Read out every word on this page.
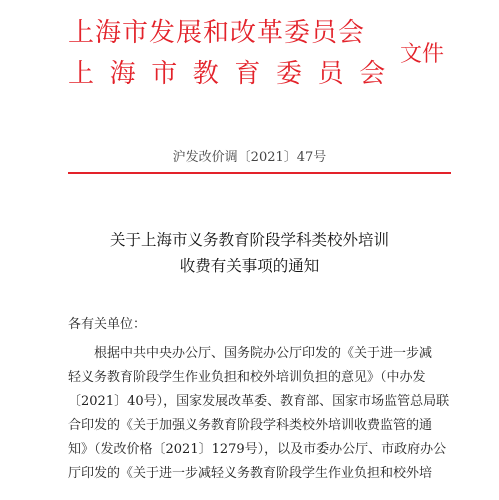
上海市发展和改革委员会
上海市教育委员会
文件
沪发改价调〔2021〕47号
关于上海市义务教育阶段学科类校外培训
收费有关事项的通知
各有关单位：
根据中共中央办公厅、国务院办公厅印发的《关于进一步减
轻义务教育阶段学生作业负担和校外培训负担的意见》（中办发
〔2021〕40号），国家发展改革委、教育部、国家市场监管总局联
合印发的《关于加强义务教育阶段学科类校外培训收费监管的通
知》（发改价格〔2021〕1279号），以及市委办公厅、市政府办公
厅印发的《关于进一步减轻义务教育阶段学生作业负担和校外培
